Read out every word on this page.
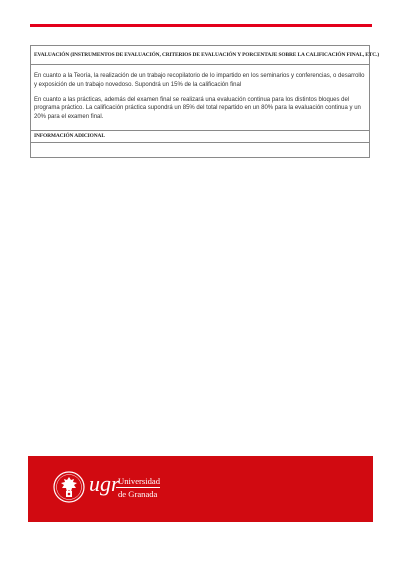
EVALUACIÓN (INSTRUMENTOS DE EVALUACIÓN, CRITERIOS DE EVALUACIÓN Y PORCENTAJE SOBRE LA CALIFICACIÓN FINAL, ETC.)

En cuanto a la Teoría, la realización de un trabajo recopilatorio de lo impartido en los seminarios y conferencias, o desarrollo y exposición de un trabajo novedoso. Supondrá un 15% de la calificación final

En cuanto a las prácticas, además del examen final se realizará una evaluación continua para los distintos bloques del programa práctico. La calificación práctica supondrá un 85% del total repartido en un 80% para la evaluación continua y un 20% para el examen final.

INFORMACIÓN ADICIONAL
ugr
Universidad
de Granada
